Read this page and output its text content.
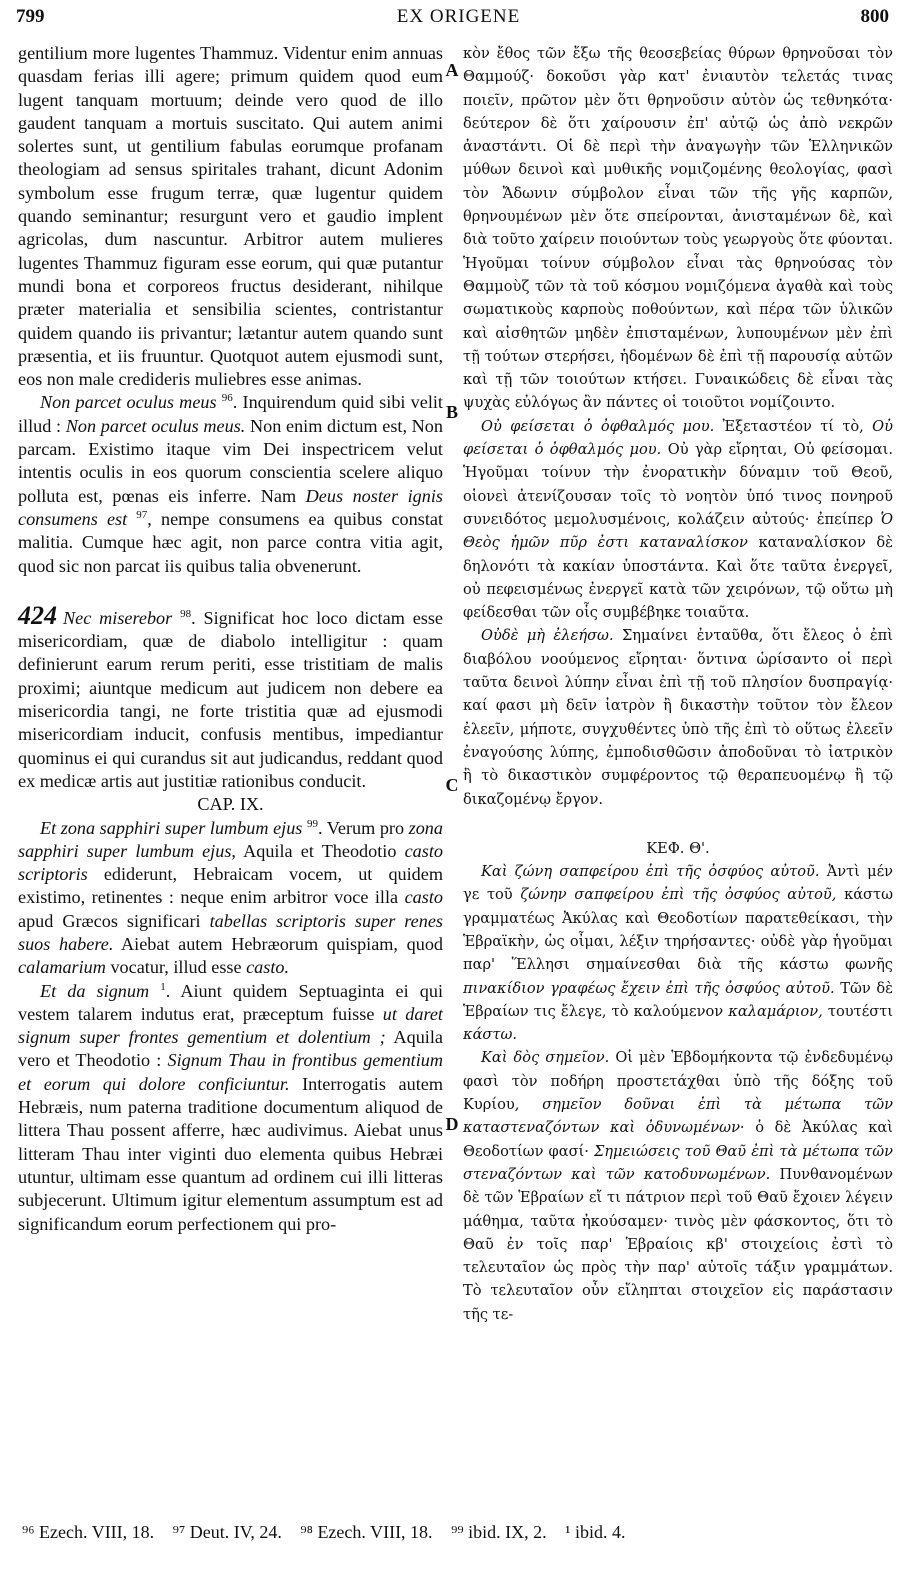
799	EX ORIGENE	800
A
B
C
D

gentilium more lugentes Thammuz. Videntur enim annuas quasdam ferias illi agere; primum quidem quod eum lugent tanquam mortuum; deinde vero quod de illo gaudent tanquam a mortuis suscitato. Qui autem animi solertes sunt, ut gentilium fabulas eorumque profanam theologiam ad sensus spiritales trahant, dicunt Adonim symbolum esse frugum terræ, quæ lugentur quidem quando seminantur; resurgunt vero et gaudio implent agricolas, dum nascuntur. Arbitror autem mulieres lugentes Thammuz figuram esse eorum, qui quæ putantur mundi bona et corporeos fructus desiderant, nihilque præter materialia et sensibilia scientes, contristantur quidem quando iis privantur; lætantur autem quando sunt præsentia, et iis fruuntur. Quotquot autem ejusmodi sunt, eos non male credideris muliebres esse animas.

Non parcet oculus meus $^{96}$. Inquirendum quid sibi velit illud : Non parcet oculus meus. Non enim dictum est, Non parcam. Existimo itaque vim Dei inspectricem velut intentis oculis in eos quorum conscientia scelere aliquo polluta est, pœnas eis inferre. Nam Deus noster ignis consumens est $^{97}$, nempe consumens ea quibus constat malitia. Cumque hæc agit, non parce contra vitia agit, quod sic non parcat iis quibus talia obvenerunt.

424 Nec miserebor $^{98}$. Significat hoc loco dictam esse misericordiam, quæ de diabolo intelligitur : quam definierunt earum rerum periti, esse tristitiam de malis proximi; aiuntque medicum aut judicem non debere ea misericordia tangi, ne forte tristitia quæ ad ejusmodi misericordiam inducit, confusis mentibus, impediantur quominus ei qui curandus sit aut judicandus, reddant quod ex medicæ artis aut justitiæ rationibus conducit.

CAP. IX.

Et zona sapphiri super lumbum ejus $^{99}$. Verum pro zona sapphiri super lumbum ejus, Aquila et Theodotio casto scriptoris ediderunt, Hebraicam vocem, ut quidem existimo, retinentes : neque enim arbitror voce illa casto apud Græcos significari tabellas scriptoris super renes suos habere. Aiebat autem Hebræorum quispiam, quod calamarium vocatur, illud esse casto.

Et da signum $^1$. Aiunt quidem Septuaginta ei qui vestem talarem indutus erat, præceptum fuisse ut daret signum super frontes gementium et dolentium ; Aquila vero et Theodotio : Signum Thau in frontibus gementium et eorum qui dolore conficiuntur. Interrogatis autem Hebræis, num paterna traditione documentum aliquod de littera Thau possent afferre, hæc audivimus. Aiebat unus litteram Thau inter viginti duo elementa quibus Hebræi utuntur, ultimam esse quantum ad ordinem cui illi litteras subjecerunt. Ultimum igitur elementum assumptum est ad significandum eorum perfectionem qui pro-

κὸν ἔθος τῶν ἔξω τῆς θεοσεβείας θύρων θρηνοῦσαι τὸν Θαμμούζ· δοκοῦσι γὰρ κατ' ἐνιαυτὸν τελετάς τινας ποιεῖν, πρῶτον μὲν ὅτι θρηνοῦσιν αὐτὸν ὡς τεθνηκότα· δεύτερον δὲ ὅτι χαίρουσιν ἐπ' αὐτῷ ὡς ἀπὸ νεκρῶν ἀναστάντι. Οἱ δὲ περὶ τὴν ἀναγωγὴν τῶν Ἑλληνικῶν μύθων δεινοὶ καὶ μυθικῆς νομιζομένης θεολογίας, φασὶ τὸν Ἄδωνιν σύμβολον εἶναι τῶν τῆς γῆς καρπῶν, θρηνουμένων μὲν ὅτε σπείρονται, ἀνισταμένων δὲ, καὶ διὰ τοῦτο χαίρειν ποιούντων τοὺς γεωργοὺς ὅτε φύονται. Ἡγοῦμαι τοίνυν σύμβολον εἶναι τὰς θρηνούσας τὸν Θαμμοὺζ τῶν τὰ τοῦ κόσμου νομιζόμενα ἀγαθὰ καὶ τοὺς σωματικοὺς καρποὺς ποθούντων, καὶ πέρα τῶν ὑλικῶν καὶ αἰσθητῶν μηδὲν ἐπισταμένων, λυπουμένων μὲν ἐπὶ τῇ τούτων στερήσει, ἡδομένων δὲ ἐπὶ τῇ παρουσίᾳ αὐτῶν καὶ τῇ τῶν τοιούτων κτήσει. Γυναικώδεις δὲ εἶναι τὰς ψυχὰς εὐλόγως ἂν πάντες οἱ τοιοῦτοι νομίζοιντο.

Οὐ φείσεται ὁ ὀφθαλμός μου. Ἐξεταστέον τί τὸ, Οὐ φείσεται ὁ ὀφθαλμός μου. Οὐ γὰρ εἴρηται, Οὐ φείσομαι. Ἡγοῦμαι τοίνυν τὴν ἐνορατικὴν δύναμιν τοῦ Θεοῦ, οἱονεὶ ἀτενίζουσαν τοῖς τὸ νοητὸν ὑπό τινος πονηροῦ συνειδότος μεμολυσμένοις, κολάζειν αὐτούς· ἐπείπερ Ὁ Θεὸς ἡμῶν πῦρ ἐστι καταναλίσκον καταναλίσκον δὲ δηλονότι τὰ κακίαν ὑποστάντα. Καὶ ὅτε ταῦτα ἐνεργεῖ, οὐ πεφεισμένως ἐνεργεῖ κατὰ τῶν χειρόνων, τῷ οὕτω μὴ φείδεσθαι τῶν οἷς συμβέβηκε τοιαῦτα.

Οὐδὲ μὴ ἐλεήσω. Σημαίνει ἐνταῦθα, ὅτι ἔλεος ὁ ἐπὶ διαβόλου νοούμενος εἴρηται· ὅντινα ὡρίσαντο οἱ περὶ ταῦτα δεινοὶ λύπην εἶναι ἐπὶ τῇ τοῦ πλησίον δυσπραγίᾳ· καί φασι μὴ δεῖν ἰατρὸν ἢ δικαστὴν τοῦτον τὸν ἔλεον ἐλεεῖν, μήποτε, συγχυθέντες ὑπὸ τῆς ἐπὶ τὸ οὕτως ἐλεεῖν ἐναγούσης λύπης, ἐμποδισθῶσιν ἀποδοῦναι τὸ ἰατρικὸν ἢ τὸ δικαστικὸν συμφέροντος τῷ θεραπευομένῳ ἢ τῷ δικαζομένῳ ἔργον.

ΚΕΦ. Θ'.

Καὶ ζώνη σαπφείρου ἐπὶ τῆς ὀσφύος αὐτοῦ. Ἀντὶ μέν γε τοῦ ζώνην σαπφείρου ἐπὶ τῆς ὀσφύος αὐτοῦ, κάστω γραμματέως Ἀκύλας καὶ Θεοδοτίων παρατεθείκασι, τὴν Ἑβραϊκὴν, ὡς οἶμαι, λέξιν τηρήσαντες· οὐδὲ γὰρ ἡγοῦμαι παρ' Ἕλλησι σημαίνεσθαι διὰ τῆς κάστω φωνῆς πινακίδιον γραφέως ἔχειν ἐπὶ τῆς ὀσφύος αὐτοῦ. Τῶν δὲ Ἑβραίων τις ἔλεγε, τὸ καλούμενον καλαμάριον, τουτέστι κάστω.

Καὶ δὸς σημεῖον. Οἱ μὲν Ἑβδομήκοντα τῷ ἐνδεδυμένῳ φασὶ τὸν ποδήρη προστετάχθαι ὑπὸ τῆς δόξης τοῦ Κυρίου, σημεῖον δοῦναι ἐπὶ τὰ μέτωπα τῶν καταστεναζόντων καὶ ὀδυνωμένων· ὁ δὲ Ἀκύλας καὶ Θεοδοτίων φασί· Σημειώσεις τοῦ Θαῦ ἐπὶ τὰ μέτωπα τῶν στεναζόντων καὶ τῶν κατοδυνωμένων. Πυνθανομένων δὲ τῶν Ἑβραίων εἴ τι πάτριον περὶ τοῦ Θαῦ ἔχοιεν λέγειν μάθημα, ταῦτα ἠκούσαμεν· τινὸς μὲν φάσκοντος, ὅτι τὸ Θαῦ ἐν τοῖς παρ' Ἑβραίοις κβ' στοιχείοις ἐστὶ τὸ τελευταῖον ὡς πρὸς τὴν παρ' αὐτοῖς τάξιν γραμμάτων. Τὸ τελευταῖον οὖν εἴληπται στοιχεῖον εἰς παράστασιν τῆς τε-

⁹⁶ Ezech. VIII, 18. ⁹⁷ Deut. IV, 24. ⁹⁸ Ezech. VIII, 18. ⁹⁹ ibid. IX, 2. ¹ ibid. 4.
